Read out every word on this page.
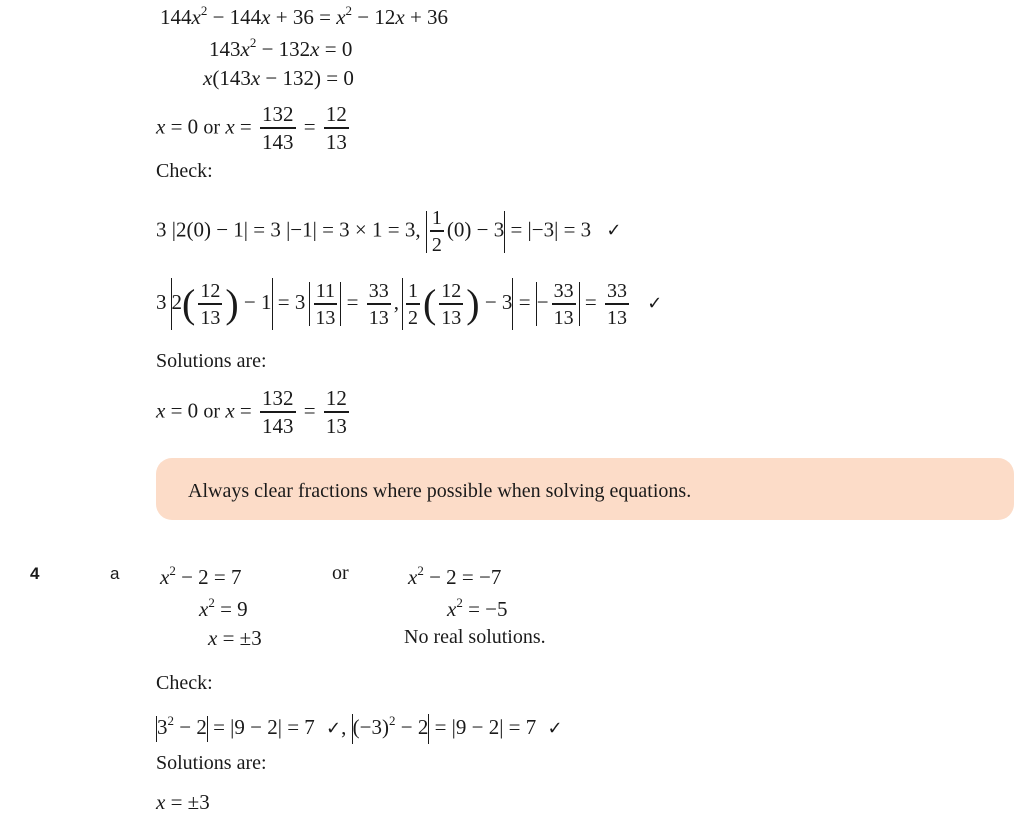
$144x^2 - 144x + 36 = x^2 - 12x + 36$
$143x^2 - 132x = 0$
x(143x − 132) = 0
x = 0 or $x = \frac{132}{143} = \frac{12}{13}$
Check:
3 |2(0) − 1| = 3 |−1| = 3 × 1 = 3, $\frac{1}{2} (0) - 3 = |-3| = 3$ ✓
3 $2( \frac{12}{13}$ ) − $1 = 3 \frac{11}{13} = \frac{33}{13}$ , $\frac{1}{2}$ ( $\frac{12}{13}$ ) − 3 = − $\frac{33}{13} = \frac{33}{13}$ ✓
Solutions are:
x = 0 or $x = \frac{132}{143} = \frac{12}{13}$
Always clear fractions where possible when solving equations.
4	a $x^2 - 2 = 7$
$x^2 = 9$
x = ±3
or	$x^2 - 2 = -7$
$x^2 = -5$
No real solutions.
Check:
$3^2 - 2 = |9 - 2| = 7$ ✓, $(-3)^2 - 2 = |9 - 2| = 7$ ✓
Solutions are:
x = ±3
